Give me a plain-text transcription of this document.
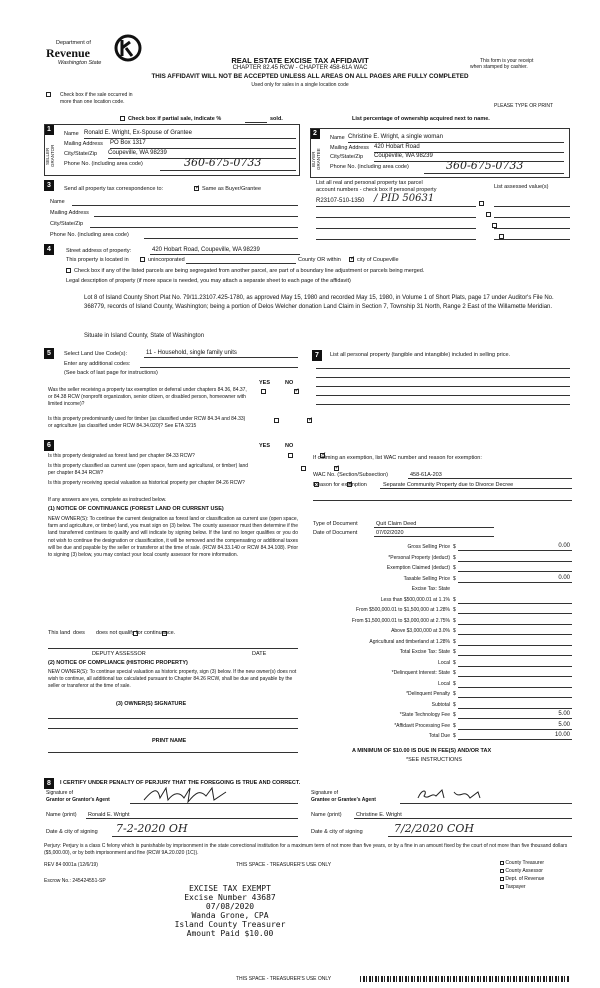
Department of
Revenue
Washington State	REAL ESTATE EXCISE TAX AFFIDAVIT
CHAPTER 82.45 RCW - CHAPTER 458-61A WAC
This form is your receipt
when stamped by cashier.
THIS AFFIDAVIT WILL NOT BE ACCEPTED UNLESS ALL AREAS ON ALL PAGES ARE FULLY COMPLETED
Used only for sales in a single location code
Check box if the sale occurred in more than one location code.
PLEASE TYPE OR PRINT
Check box if partial sale, indicate %	sold.	List percentage of ownership acquired next to name.
1
SELLER GRANTOR
Name Ronald E. Wright, Ex-Spouse of Grantee
Mailing Address PO Box 1317
City/State/Zip Coupeville, WA 98239
Phone No. (including area code)	360-675-0733
2
BUYER GRANTEE
Name Christine E. Wright, a single woman
Mailing Address 420 Hobart Road
City/State/Zip Coupeville, WA 98239
Phone No. (including area code)	360-675-0733
3	Send all property tax correspondence to: ✓	Same as Buyer/Grantee
Name
Mailing Address
City/State/Zip
Phone No. (including area code)
List all real and personal property tax parcel
account numbers - check box if personal property	List assessed value(s)
R23107-510-1350 / PID 50631

4	Street address of property:	420 Hobart Road, Coupeville, WA 98239
This property is located in	unincorporated	County OR within ✓	city of Coupeville
Check box if any of the listed parcels are being segregated from another parcel, are part of a boundary line adjustment or parcels being merged.
Legal description of property (if more space is needed, you may attach a separate sheet to each page of the affidavit)
Lot 8 of Island County Short Plat No. 79/11.23107.425-1780, as approved May 15, 1980 and recorded May 15, 1980, in Volume 1 of Short Plats, page 17 under Auditor's File No. 368779, records of Island County, Washington; being a portion of Delos Welcher donation Land Claim in Section 7, Township 31 North, Range 2 East of the Willamette Meridian.
Situate in Island County, State of Washington
5	Select Land Use Code(s):	11 - Household, single family units
Enter any additional codes:
(See back of last page for instructions)
YES	NO
Was the seller receiving a property tax exemption or deferral under chapters 84.36, 84.37, or 84.38 RCW (nonprofit organization, senior citizen, or disabled person, homeowner with limited income)?
✓
Is this property predominantly used for timber (as classified under RCW 84.34 and 84.33) or agriculture (as classified under RCW 84.34.020)? See ETA 3215
✓
6	YES	NO
Is this property designated as forest land per chapter 84.33 RCW?
✓
Is this property classified as current use (open space, farm and agricultural, or timber) land per chapter 84.34 RCW?
✓
Is this property receiving special valuation as historical property per chapter 84.26 RCW?
✓
If any answers are yes, complete as instructed below.
(1) NOTICE OF CONTINUANCE (FOREST LAND OR CURRENT USE)
NEW OWNER(S): To continue the current designation as forest land or classification as current use (open space, farm and agriculture, or timber) land, you must sign on (3) below. The county assessor must then determine if the land transferred continues to qualify and will indicate by signing below. If the land no longer qualifies or you do not wish to continue the designation or classification, it will be removed and the compensating or additional taxes will be due and payable by the seller or transferor at the time of sale. (RCW 84.33.140 or RCW 84.34.108). Prior to signing (3) below, you may contact your local county assessor for more information.
This land
does does not qualify for continuance.
DEPUTY ASSESSOR	DATE
(2) NOTICE OF COMPLIANCE (HISTORIC PROPERTY)
NEW OWNER(S): To continue special valuation as historic property, sign (3) below. If the new owner(s) does not wish to continue, all additional tax calculated pursuant to Chapter 84.26 RCW, shall be due and payable by the seller or transferor at the time of sale.
(3) OWNER(S) SIGNATURE
PRINT NAME
7	List all personal property (tangible and intangible) included in selling price.
If claiming an exemption, list WAC number and reason for exemption:
WAC No. (Section/Subsection)	458-61A-203
Reason for exemption	Separate Community Property due to Divorce Decree
Type of Document	Quit Claim Deed
Date of Document	07/02/2020
Gross Selling Price $	0.00
*Personal Property (deduct) $
Exemption Claimed (deduct) $
Taxable Selling Price $	0.00
Excise Tax: State
Less than $500,000.01 at 1.1% $
From $500,000.01 to $1,500,000 at 1.28% $
From $1,500,000.01 to $3,000,000 at 2.75% $
Above $3,000,000 at 3.0% $
Agricultural and timberland at 1.28% $
Total Excise Tax: State $
Local $
*Delinquent Interest: State $
Local $
*Delinquent Penalty $
Subtotal $
*State Technology Fee $	5.00
*Affidavit Processing Fee $	5.00
Total Due $	10.00
A MINIMUM OF $10.00 IS DUE IN FEE(S) AND/OR TAX
*SEE INSTRUCTIONS
8	I CERTIFY UNDER PENALTY OF PERJURY THAT THE FOREGOING IS TRUE AND CORRECT.
Signature of
Grantor or Grantor's Agent
Signature of
Grantee or Grantee's Agent
Name (print) Ronald E. Wright	Name (print)	Christine E. Wright
Date & city of signing 7-2-2020 OH	Date & city of signing	7/2/2020 COH
Perjury: Perjury is a class C felony which is punishable by imprisonment in the state correctional institution for a maximum term of not more than five years, or by a fine in an amount fixed by the court of not more than five thousand dollars ($5,000.00), or by both imprisonment and fine (RCW 9A.20.020 (1C)).
REV 84 0001a (12/6/19)	THIS SPACE - TREASURER'S USE ONLY
Escrow No.: 245424551-SP
County Treasurer
County Assessor
Dept. of Revenue
Taxpayer
EXCISE TAX EXEMPT
Excise Number 43687
07/08/2020
Wanda Grone, CPA
Island County Treasurer
Amount Paid $10.00
THIS SPACE - TREASURER'S USE ONLY
